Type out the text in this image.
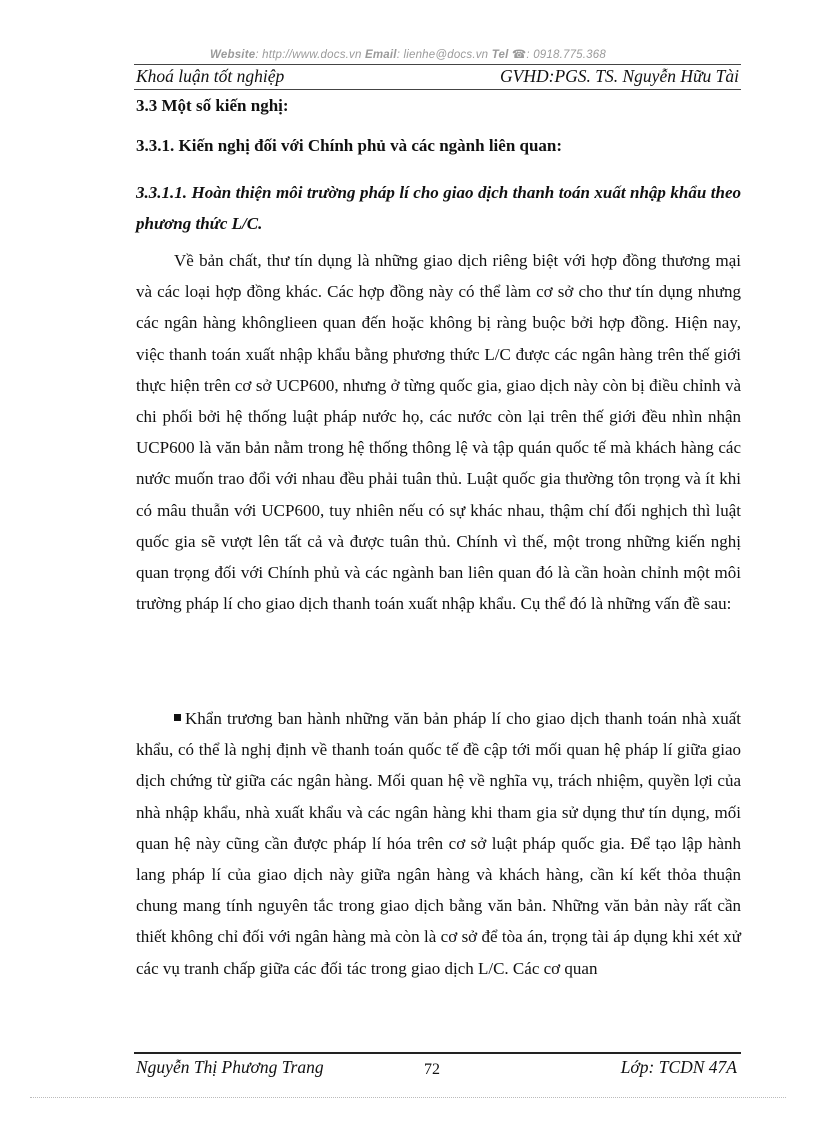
Website: http://www.docs.vn Email: lienhe@docs.vn Tel ☎: 0918.775.368
Khoá luận tốt nghiệp	GVHD:PGS. TS. Nguyễn Hữu Tài
3.3 Một số kiến nghị:
3.3.1. Kiến nghị đối với Chính phủ và các ngành liên quan:
3.3.1.1. Hoàn thiện môi trường pháp lí cho giao dịch thanh toán xuất nhập khẩu theo phương thức L/C.

Về bản chất, thư tín dụng là những giao dịch riêng biệt với hợp đồng thương mại và các loại hợp đồng khác. Các hợp đồng này có thể làm cơ sở cho thư tín dụng nhưng các ngân hàng khônglieen quan đến hoặc không bị ràng buộc bởi hợp đồng. Hiện nay, việc thanh toán xuất nhập khẩu bằng phương thức L/C được các ngân hàng trên thế giới thực hiện trên cơ sở UCP600, nhưng ở từng quốc gia, giao dịch này còn bị điều chỉnh và chi phối bởi hệ thống luật pháp nước họ, các nước còn lại trên thế giới đều nhìn nhận UCP600 là văn bản nằm trong hệ thống thông lệ và tập quán quốc tế mà khách hàng các nước muốn trao đổi với nhau đều phải tuân thủ. Luật quốc gia thường tôn trọng và ít khi có mâu thuẫn với UCP600, tuy nhiên nếu có sự khác nhau, thậm chí đối nghịch thì luật quốc gia sẽ vượt lên tất cả và được tuân thủ. Chính vì thế, một trong những kiến nghị quan trọng đối với Chính phủ và các ngành ban liên quan đó là cần hoàn chỉnh một môi trường pháp lí cho giao dịch thanh toán xuất nhập khẩu. Cụ thể đó là những vấn đề sau:

Khẩn trương ban hành những văn bản pháp lí cho giao dịch thanh toán nhà xuất khẩu, có thể là nghị định về thanh toán quốc tế đề cập tới mối quan hệ pháp lí giữa giao dịch chứng từ giữa các ngân hàng. Mối quan hệ về nghĩa vụ, trách nhiệm, quyền lợi của nhà nhập khẩu, nhà xuất khẩu và các ngân hàng khi tham gia sử dụng thư tín dụng, mối quan hệ này cũng cần được pháp lí hóa trên cơ sở luật pháp quốc gia. Để tạo lập hành lang pháp lí của giao dịch này giữa ngân hàng và khách hàng, cần kí kết thỏa thuận chung mang tính nguyên tắc trong giao dịch bằng văn bản. Những văn bản này rất cần thiết không chỉ đối với ngân hàng mà còn là cơ sở để tòa án, trọng tài áp dụng khi xét xử các vụ tranh chấp giữa các đối tác trong giao dịch L/C. Các cơ quan

Nguyễn Thị Phương Trang	72	Lớp: TCDN 47A
